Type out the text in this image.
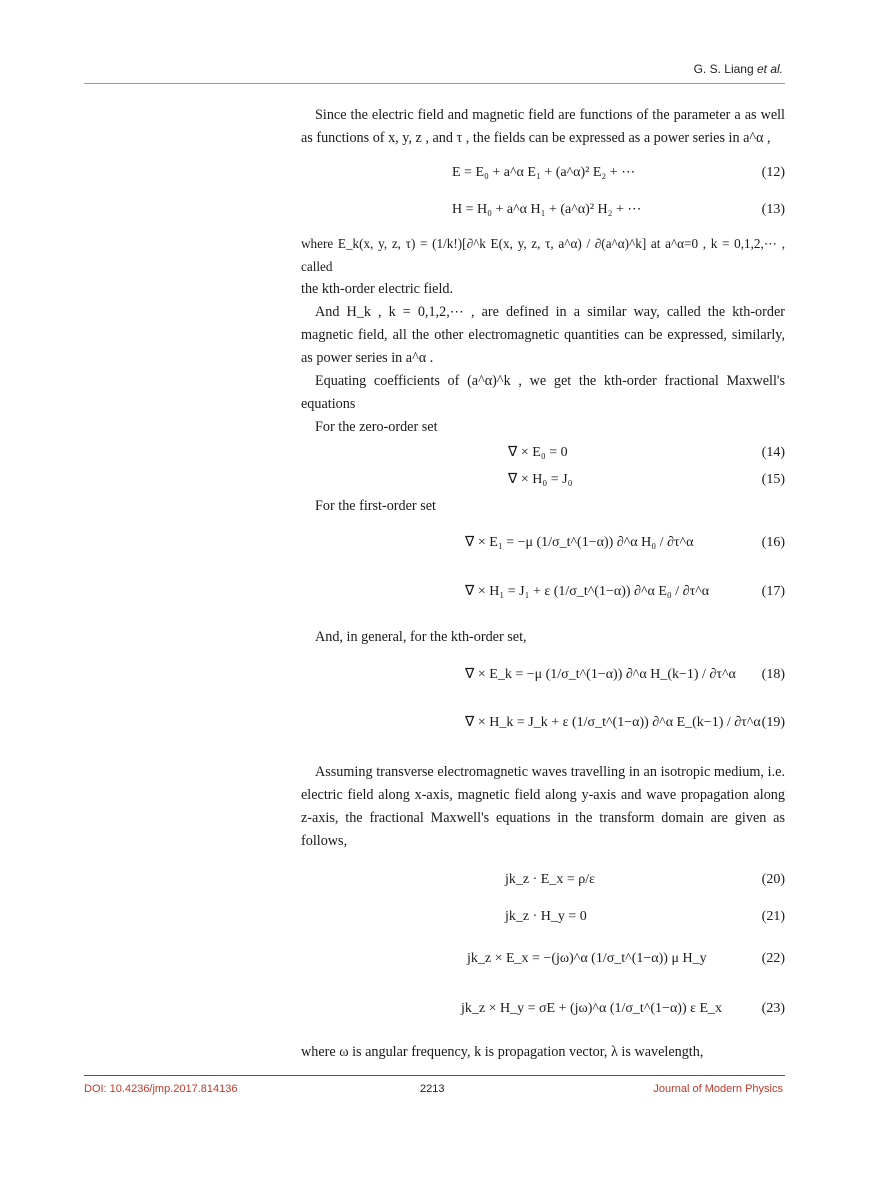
G. S. Liang et al.

Since the electric field and magnetic field are functions of the parameter a as well as functions of x, y, z , and τ , the fields can be expressed as a power series in a^α ,

E = E₀ + a^α E₁ + (a^α)² E₂ + ⋯	(12)
H = H₀ + a^α H₁ + (a^α)² H₂ + ⋯	(13)

where E_k(x, y, z, τ) = (1/k!)[∂^k E(x, y, z, τ, a^α) / ∂(a^α)^k] at a^α=0 , k = 0,1,2,⋯ , called

the kth-order electric field.

And H_k , k = 0,1,2,⋯ , are defined in a similar way, called the kth-order magnetic field, all the other electromagnetic quantities can be expressed, similarly, as power series in a^α .

Equating coefficients of (a^α)^k , we get the kth-order fractional Maxwell's equations

For the zero-order set

∇ × E₀ = 0	(14)
∇ × H₀ = J₀	(15)

For the first-order set

∇ × E₁ = −μ (1/σ_t^(1−α)) ∂^α H₀ / ∂τ^α	(16)
∇ × H₁ = J₁ + ε (1/σ_t^(1−α)) ∂^α E₀ / ∂τ^α	(17)

And, in general, for the kth-order set,

∇ × E_k = −μ (1/σ_t^(1−α)) ∂^α H_(k−1) / ∂τ^α (18)
∇ × H_k = J_k + ε (1/σ_t^(1−α)) ∂^α E_(k−1) / ∂τ^α (19)

Assuming transverse electromagnetic waves travelling in an isotropic medium, i.e. electric field along x-axis, magnetic field along y-axis and wave propagation along z-axis, the fractional Maxwell's equations in the transform domain are given as follows,

jk_z · E_x = ρ/ε	(20)
jk_z · H_y = 0	(21)
jk_z × E_x = −(jω)^α (1/σ_t^(1−α)) μ H_y	(22)
jk_z × H_y = σE + (jω)^α (1/σ_t^(1−α)) ε E_x	(23)

where ω is angular frequency, k is propagation vector, λ is wavelength,

DOI: 10.4236/jmp.2017.814136	2213	Journal of Modern Physics
